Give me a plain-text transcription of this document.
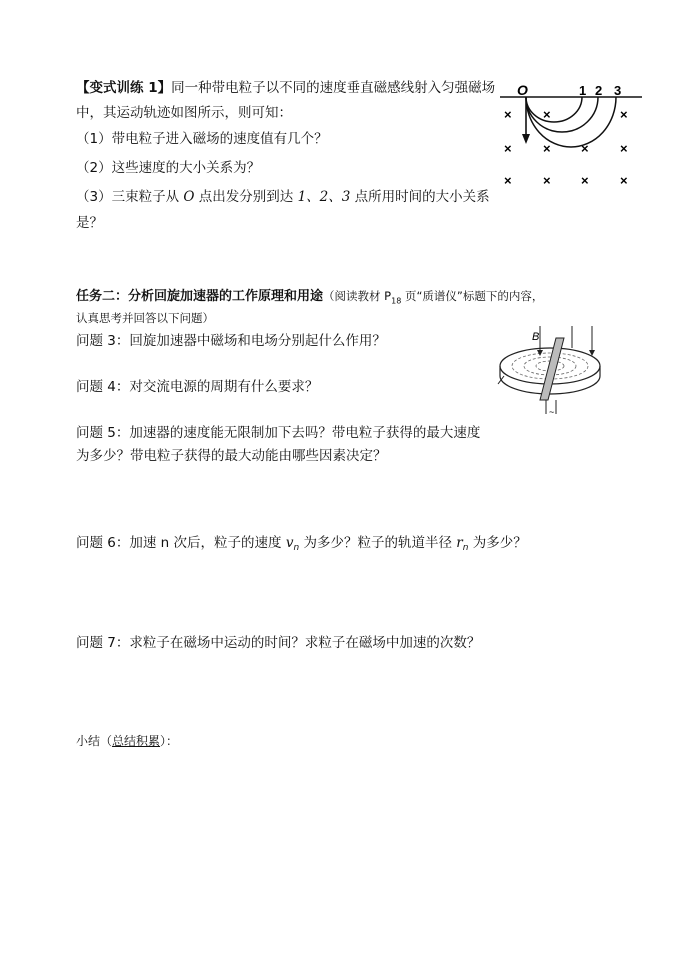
【变式训练 1】同一种带电粒子以不同的速度垂直磁感线射入匀强磁场
中，其运动轨迹如图所示，则可知：
（1）带电粒子进入磁场的速度值有几个？
（2）这些速度的大小关系为？
（3）三束粒子从 O 点出发分别到达 1、2、3 点所用时间的大小关系
是？
O	1 2 3
× ×	×
× × × ×
× × × ×
任务二：分析回旋加速器的工作原理和用途（阅读教材 $P_{18}$ 页“质谱仪”标题下的内容，
认真思考并回答以下问题）
B
~
问题 3：回旋加速器中磁场和电场分别起什么作用？
问题 4：对交流电源的周期有什么要求？
问题 5：加速器的速度能无限制加下去吗？带电粒子获得的最大速度
为多少？带电粒子获得的最大动能由哪些因素决定？
问题 6：加速 n 次后，粒子的速度 $v_n$ 为多少？粒子的轨道半径 $r_n$ 为多少？
问题 7：求粒子在磁场中运动的时间？求粒子在磁场中加速的次数？
小结（总结积累）：
